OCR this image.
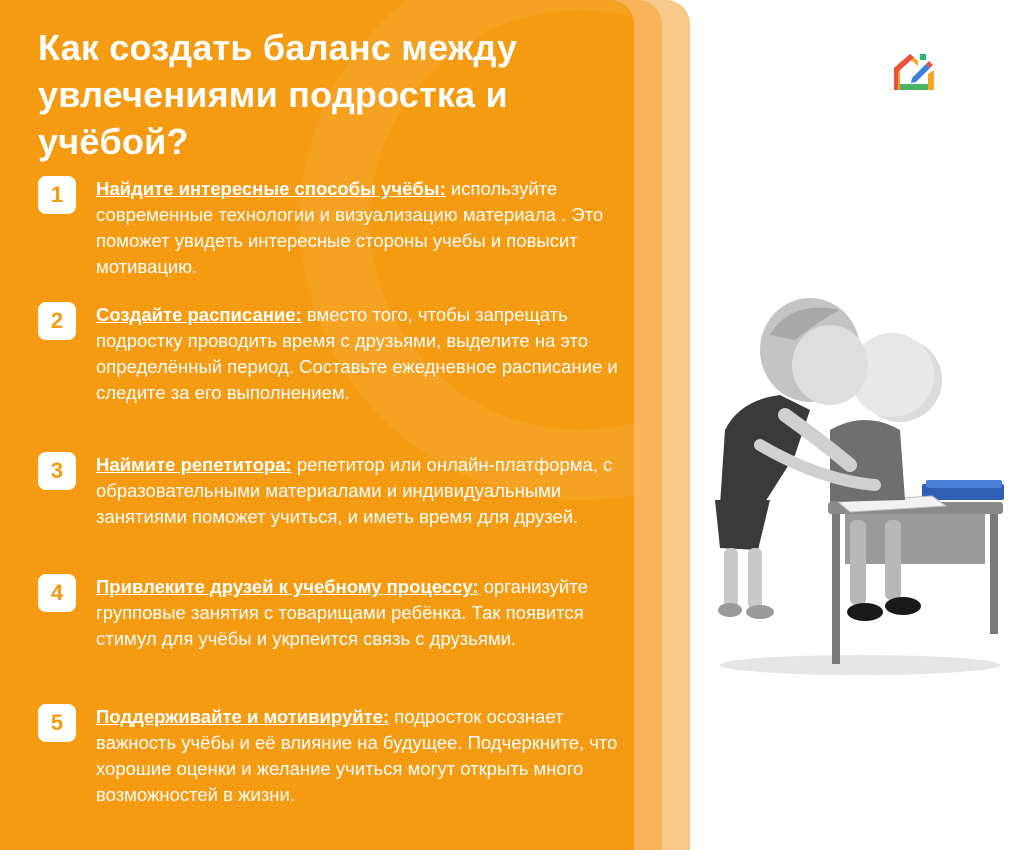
Как создать баланс между увлечениями подростка и учёбой?
1	Найдите интересные способы учёбы: используйте современные технологии и визуализацию материала . Это поможет увидеть интересные стороны учебы и повысит мотивацию.
2	Создайте расписание: вместо того, чтобы запрещать подростку проводить время с друзьями, выделите на это определённый период. Составьте ежедневное расписание и следите за его выполнением.
3	Наймите репетитора: репетитор или онлайн-платформа, с образовательными материалами и индивидуальными занятиями поможет учиться, и иметь время для друзей.
4	Привлеките друзей к учебному процессу: организуйте групповые занятия с товарищами ребёнка. Так появится стимул для учёбы и укрпеится связь с друзьями.
5	Поддерживайте и мотивируйте: подросток осознает важность учёбы и её влияние на будущее. Подчеркните, что хорошие оценки и желание учиться могут открыть много возможностей в жизни.
